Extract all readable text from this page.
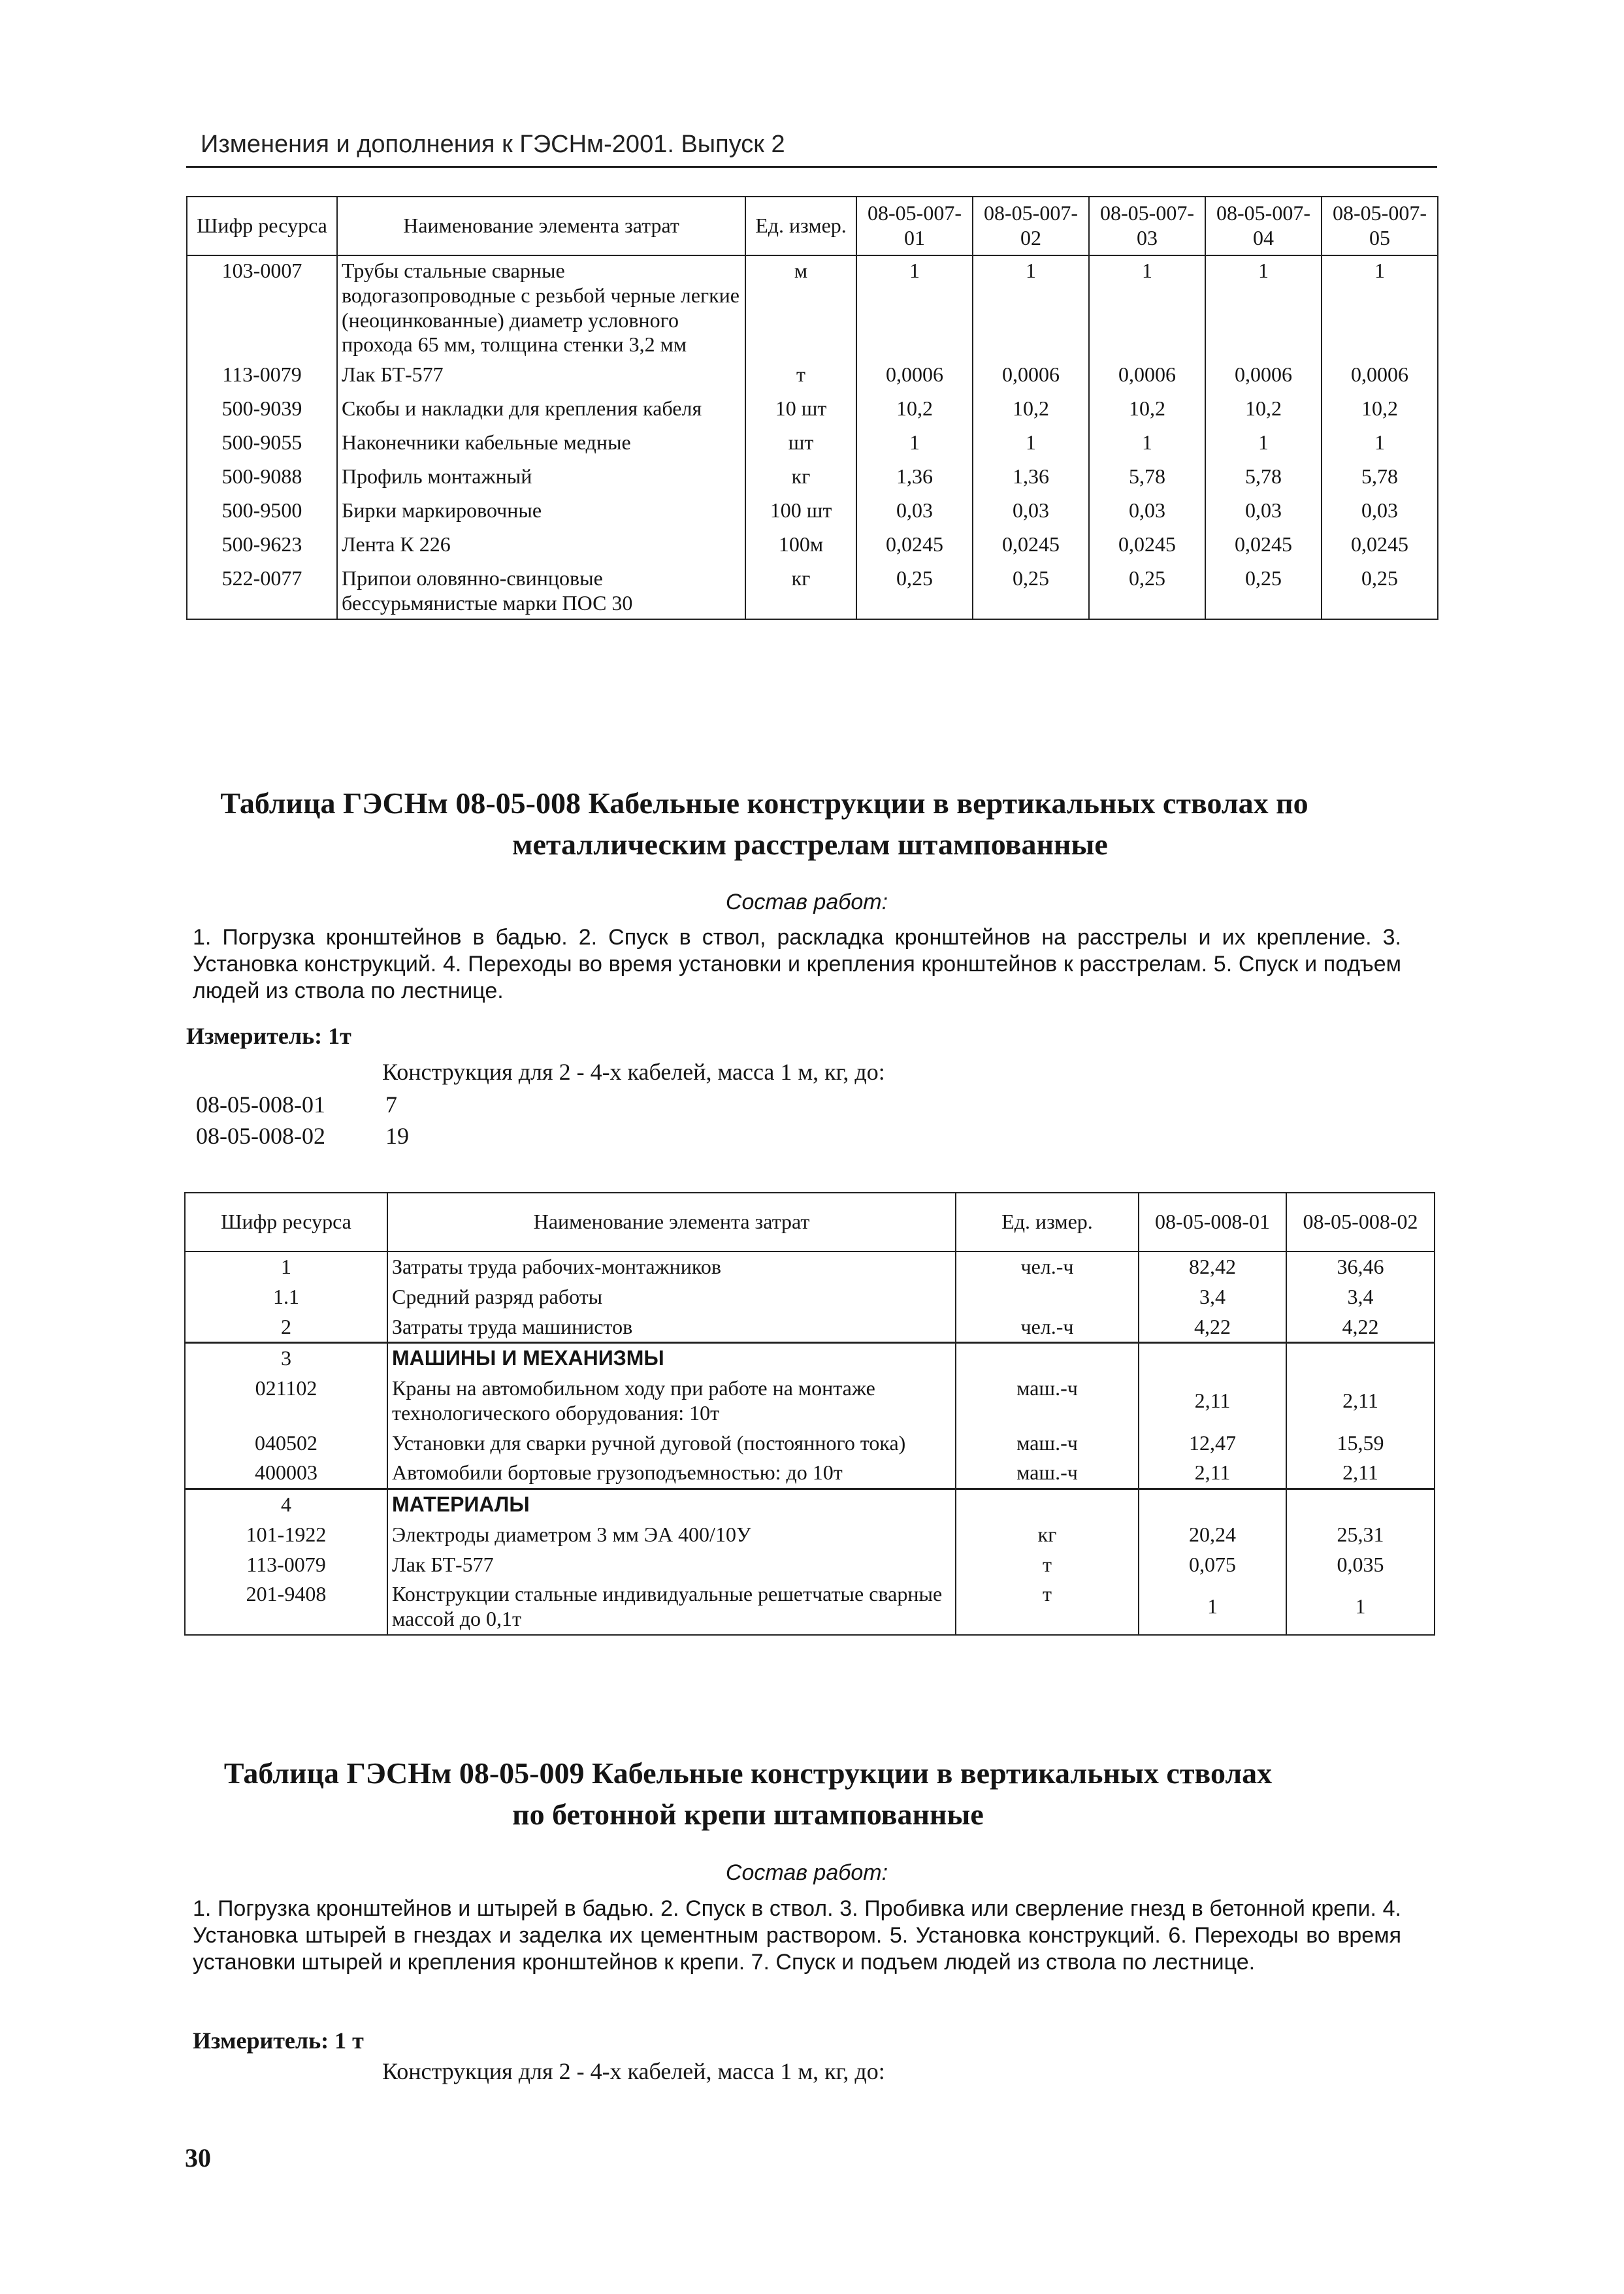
Изменения и дополнения к ГЭСНм-2001. Выпуск 2
Шифр ресурса	Наименование элемента затрат	Ед. измер.	08-05-007-01	08-05-007-02	08-05-007-03	08-05-007-04	08-05-007-05
103-0007	Трубы стальные сварные водогазопроводные с резьбой черные легкие (неоцинкованные) диаметр условного прохода 65 мм, толщина стенки 3,2 мм	м	1	1	1	1	1
113-0079	Лак БТ-577	т	0,0006	0,0006	0,0006	0,0006	0,0006
500-9039	Скобы и накладки для крепления кабеля	10 шт	10,2	10,2	10,2	10,2	10,2
500-9055	Наконечники кабельные медные	шт	1	1	1	1	1
500-9088	Профиль монтажный	кг	1,36	1,36	5,78	5,78	5,78
500-9500	Бирки маркировочные	100 шт	0,03	0,03	0,03	0,03	0,03
500-9623	Лента К 226	100м	0,0245	0,0245	0,0245	0,0245	0,0245
522-0077	Припои оловянно-свинцовые бессурьмянистые марки ПОС 30	кг	0,25	0,25	0,25	0,25	0,25
Таблица ГЭСНм 08-05-008 Кабельные конструкции в вертикальных стволах по
металлическим расстрелам штампованные
Состав работ:
1. Погрузка кронштейнов в бадью. 2. Спуск в ствол, раскладка кронштейнов на расстрелы и их крепление. 3. Установка конструкций. 4. Переходы во время установки и крепления кронштейнов к расстрелам. 5. Спуск и подъем людей из ствола по лестнице.
Измеритель: 1т
Конструкция для 2 - 4-х кабелей, масса 1 м, кг, до:
08-05-008-01	7
08-05-008-02	19
Шифр ресурса	Наименование элемента затрат	Ед. измер.	08-05-008-01	08-05-008-02
1	Затраты труда рабочих-монтажников	чел.-ч	82,42	36,46
1.1	Средний разряд работы		3,4	3,4
2	Затраты труда машинистов	чел.-ч	4,22	4,22
3	МАШИНЫ И МЕХАНИЗМЫ			
021102	Краны на автомобильном ходу при работе на монтаже технологического оборудования: 10т	маш.-ч	2,11	2,11
040502	Установки для сварки ручной дуговой (постоянного тока)	маш.-ч	12,47	15,59
400003	Автомобили бортовые грузоподъемностью: до 10т	маш.-ч	2,11	2,11
4	МАТЕРИАЛЫ			
101-1922	Электроды диаметром 3 мм ЭА 400/10У	кг	20,24	25,31
113-0079	Лак БТ-577	т	0,075	0,035
201-9408	Конструкции стальные индивидуальные решетчатые сварные массой до 0,1т	т	1	1
Таблица ГЭСНм 08-05-009 Кабельные конструкции в вертикальных стволах
по бетонной крепи штампованные
Состав работ:
1. Погрузка кронштейнов и штырей в бадью. 2. Спуск в ствол. 3. Пробивка или сверление гнезд в бетонной крепи. 4. Установка штырей в гнездах и заделка их цементным раствором. 5. Установка конструкций. 6. Переходы во время установки штырей и крепления кронштейнов к крепи. 7. Спуск и подъем людей из ствола по лестнице.
Измеритель: 1 т
Конструкция для 2 - 4-х кабелей, масса 1 м, кг, до:
30
